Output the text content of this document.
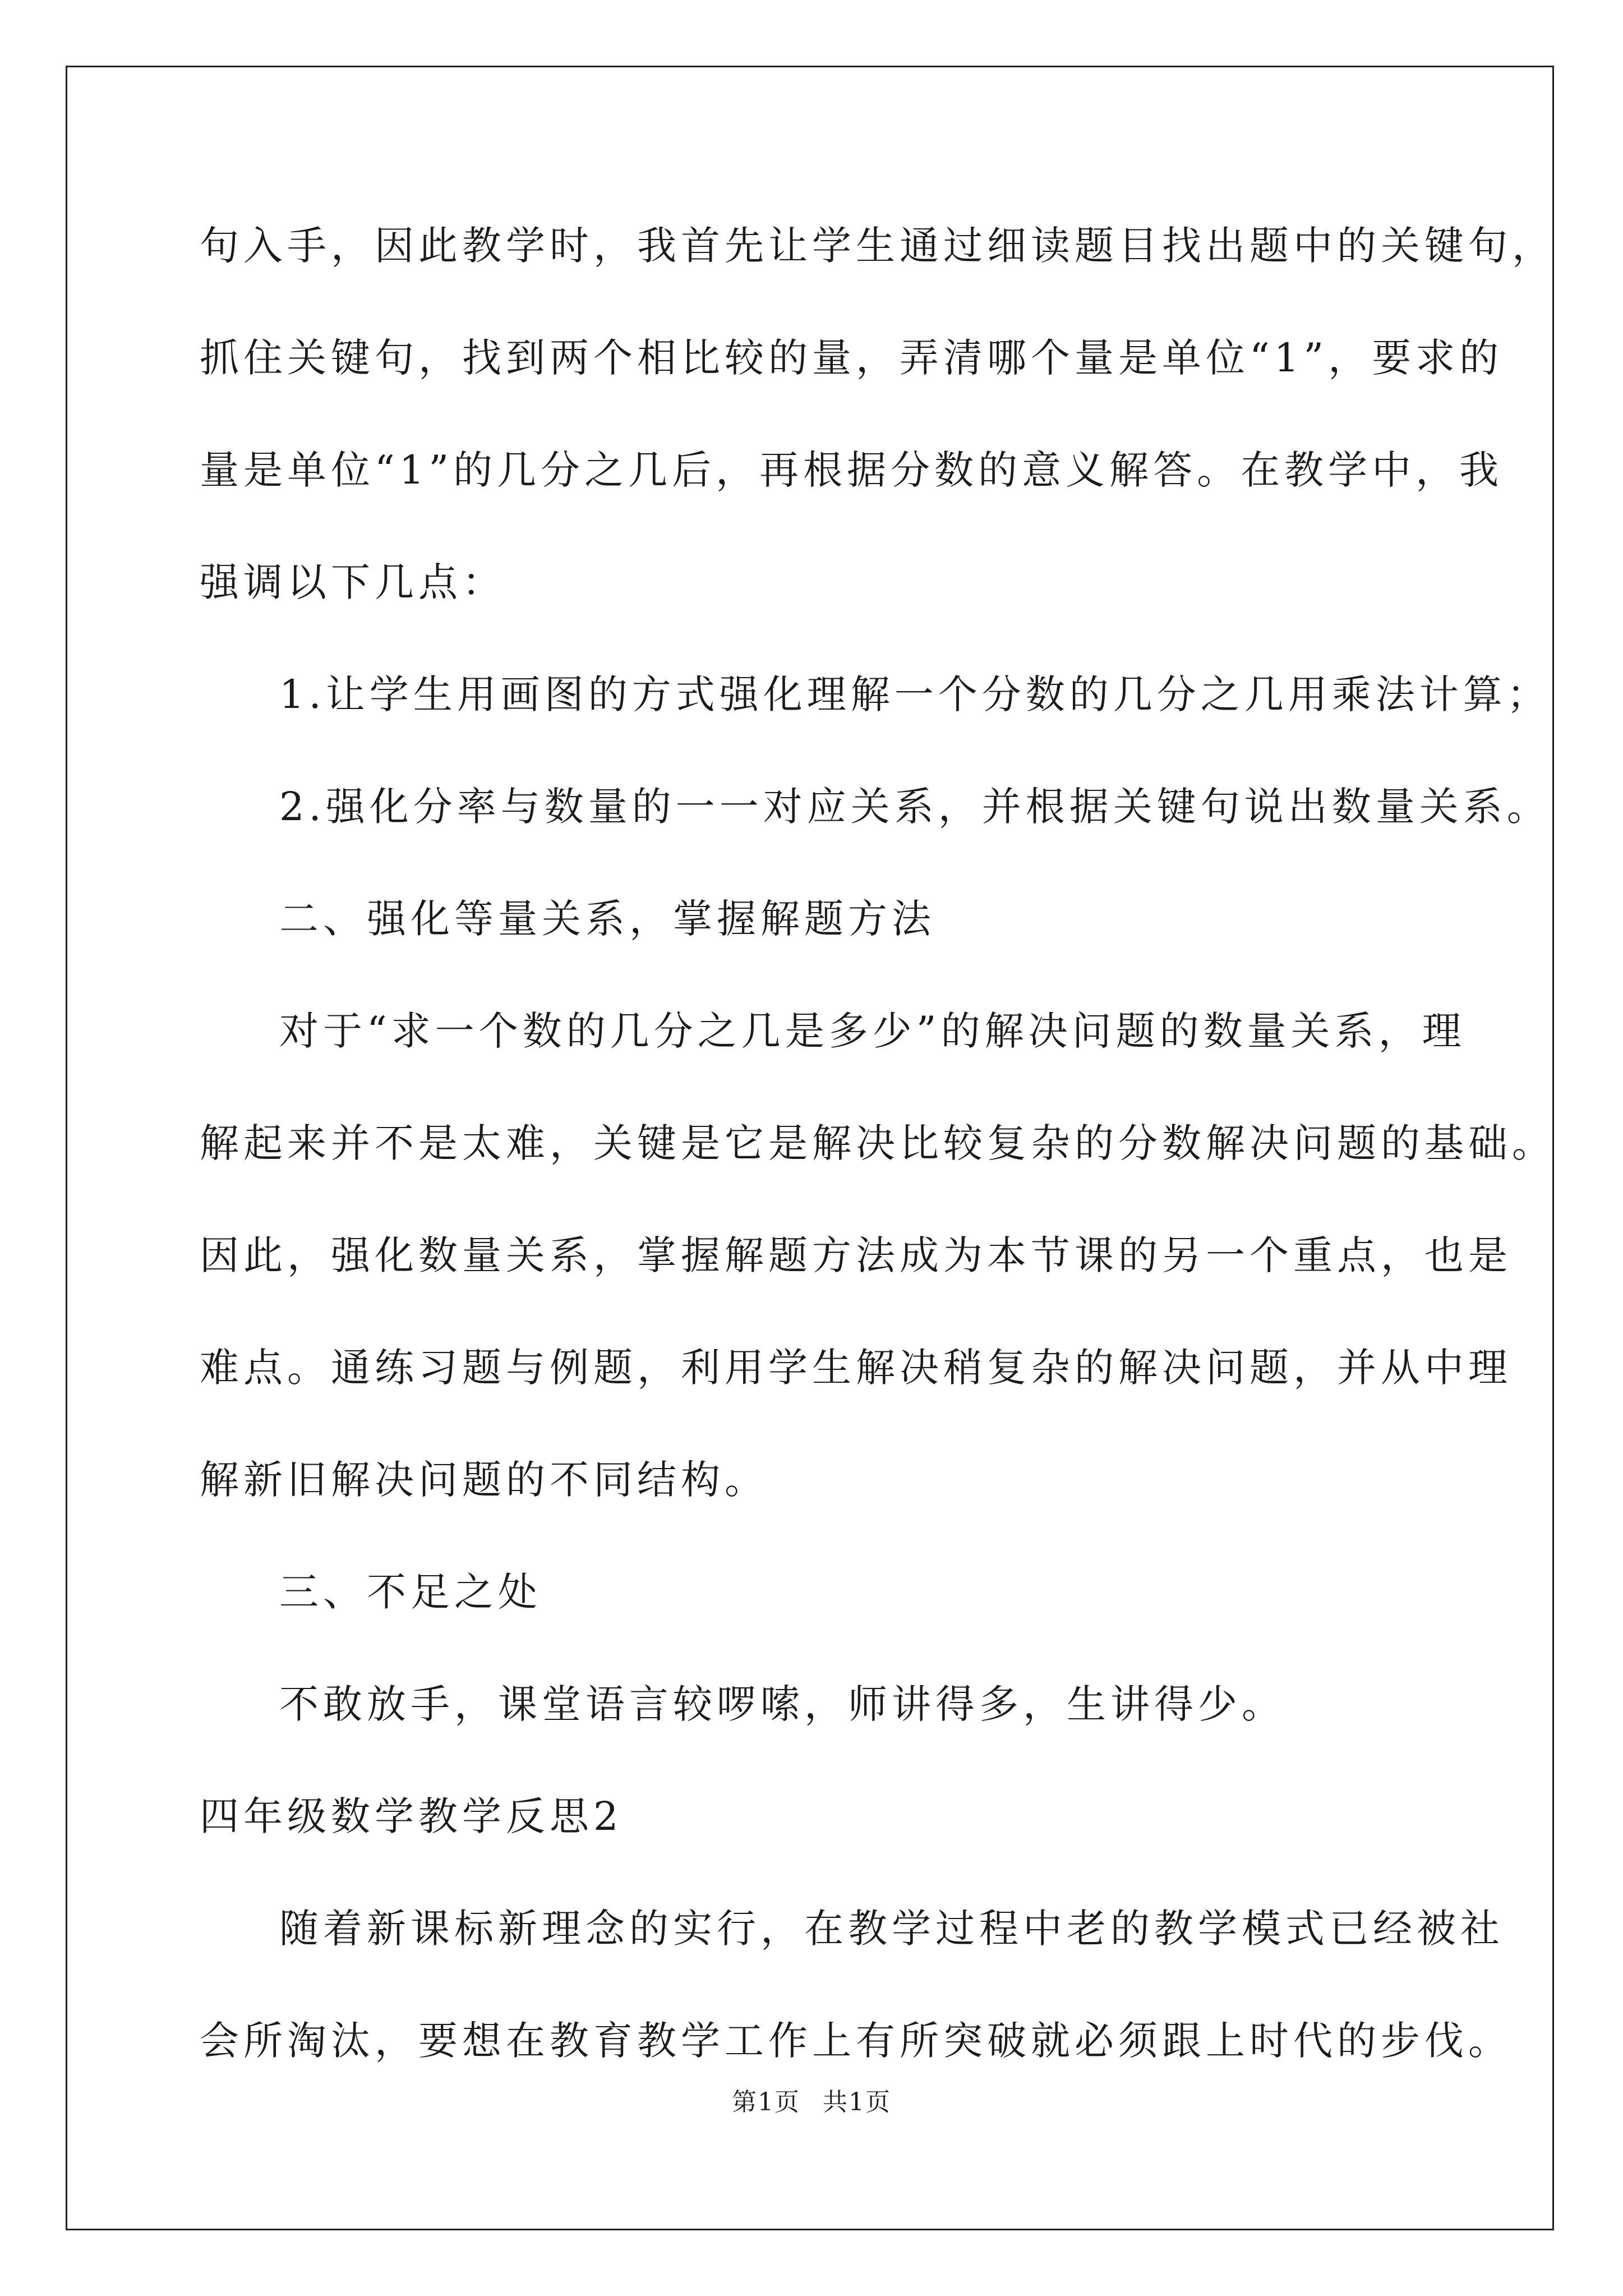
句入手，因此教学时，我首先让学生通过细读题目找出题中的关键句，
抓住关键句，找到两个相比较的量，弄清哪个量是单位“1”，要求的
量是单位“1”的几分之几后，再根据分数的意义解答。在教学中，我
强调以下几点：
1.让学生用画图的方式强化理解一个分数的几分之几用乘法计算；
2.强化分率与数量的一一对应关系，并根据关键句说出数量关系。
二、强化等量关系，掌握解题方法
对于“求一个数的几分之几是多少”的解决问题的数量关系，理
解起来并不是太难，关键是它是解决比较复杂的分数解决问题的基础。
因此，强化数量关系，掌握解题方法成为本节课的另一个重点，也是
难点。通练习题与例题，利用学生解决稍复杂的解决问题，并从中理
解新旧解决问题的不同结构。
三、不足之处
不敢放手，课堂语言较啰嗦，师讲得多，生讲得少。
四年级数学教学反思2
随着新课标新理念的实行，在教学过程中老的教学模式已经被社
会所淘汰，要想在教育教学工作上有所突破就必须跟上时代的步伐。
第1页 共1页
